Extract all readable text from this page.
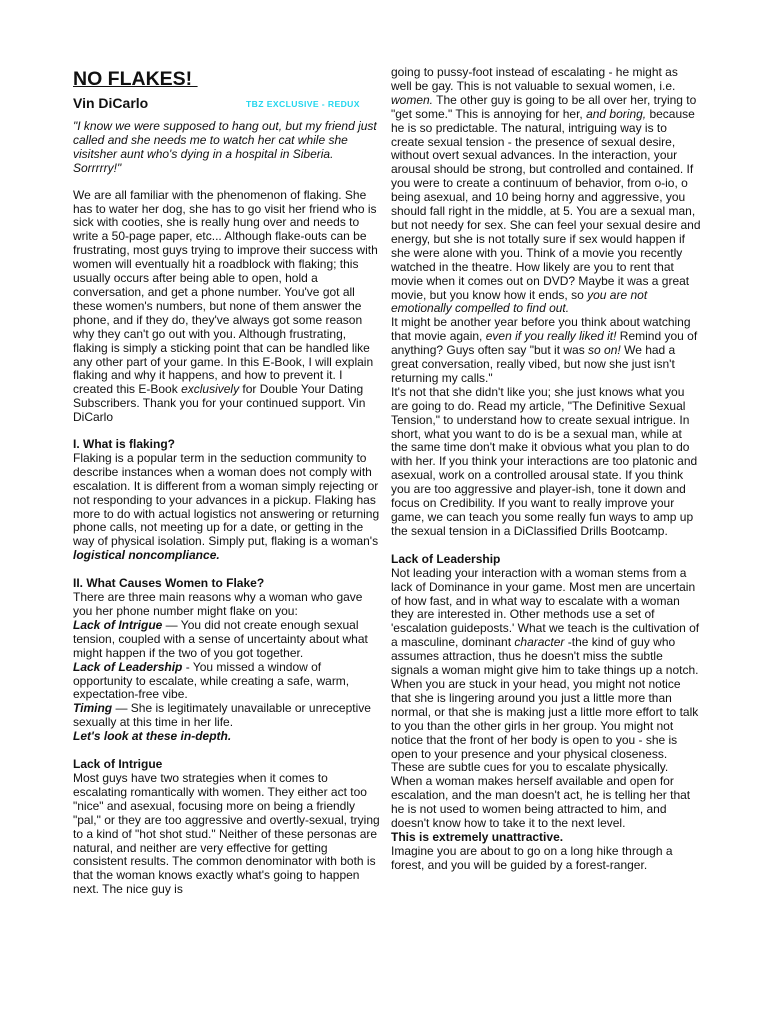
NO FLAKES!
Vin DiCarlo	TBZ EXCLUSIVE - REDUX

"I know we were supposed to hang out, but my friend just called and she needs me to watch her cat while she visitsher aunt who's dying in a hospital in Siberia. Sorrrrry!"

We are all familiar with the phenomenon of flaking. She has to water her dog, she has to go visit her friend who is sick with cooties, she is really hung over and needs to write a 50-page paper, etc... Although flake-outs can be frustrating, most guys trying to improve their success with women will eventually hit a roadblock with flaking; this usually occurs after being able to open, hold a conversation, and get a phone number. You've got all these women's numbers, but none of them answer the phone, and if they do, they've always got some reason why they can't go out with you. Although frustrating, flaking is simply a sticking point that can be handled like any other part of your game. In this E-Book, I will explain flaking and why it happens, and how to prevent it. I created this E-Book exclusively for Double Your Dating Subscribers. Thank you for your continued support. Vin DiCarlo

I. What is flaking?

Flaking is a popular term in the seduction community to describe instances when a woman does not comply with escalation. It is different from a woman simply rejecting or not responding to your advances in a pickup. Flaking has more to do with actual logistics not answering or returning phone calls, not meeting up for a date, or getting in the way of physical isolation. Simply put, flaking is a woman's logistical noncompliance.

II. What Causes Women to Flake?

There are three main reasons why a woman who gave you her phone number might flake on you:

Lack of Intrigue — You did not create enough sexual tension, coupled with a sense of uncertainty about what might happen if the two of you got together.

Lack of Leadership - You missed a window of opportunity to escalate, while creating a safe, warm, expectation-free vibe.

Timing — She is legitimately unavailable or unreceptive sexually at this time in her life.

Let's look at these in-depth.

Lack of Intrigue

Most guys have two strategies when it comes to escalating romantically with women. They either act too "nice" and asexual, focusing more on being a friendly "pal," or they are too aggressive and overtly-sexual, trying to a kind of "hot shot stud." Neither of these personas are natural, and neither are very effective for getting consistent results. The common denominator with both is that the woman knows exactly what's going to happen next. The nice guy is

going to pussy-foot instead of escalating - he might as well be gay. This is not valuable to sexual women, i.e. women. The other guy is going to be all over her, trying to "get some." This is annoying for her, and boring, because he is so predictable. The natural, intriguing way is to create sexual tension - the presence of sexual desire, without overt sexual advances. In the interaction, your arousal should be strong, but controlled and contained. If you were to create a continuum of behavior, from o-io, o being asexual, and 10 being horny and aggressive, you should fall right in the middle, at 5. You are a sexual man, but not needy for sex. She can feel your sexual desire and energy, but she is not totally sure if sex would happen if she were alone with you. Think of a movie you recently watched in the theatre. How likely are you to rent that movie when it comes out on DVD? Maybe it was a great movie, but you know how it ends, so you are not emotionally compelled to find out.

It might be another year before you think about watching that movie again, even if you really liked it! Remind you of anything? Guys often say "but it was so on! We had a great conversation, really vibed, but now she just isn't returning my calls."

It's not that she didn't like you; she just knows what you are going to do. Read my article, "The Definitive Sexual Tension," to understand how to create sexual intrigue. In short, what you want to do is be a sexual man, while at the same time don't make it obvious what you plan to do with her. If you think your interactions are too platonic and asexual, work on a controlled arousal state. If you think you are too aggressive and player-ish, tone it down and focus on Credibility. If you want to really improve your game, we can teach you some really fun ways to amp up the sexual tension in a DiClassified Drills Bootcamp.

Lack of Leadership

Not leading your interaction with a woman stems from a lack of Dominance in your game. Most men are uncertain of how fast, and in what way to escalate with a woman they are interested in. Other methods use a set of 'escalation guideposts.' What we teach is the cultivation of a masculine, dominant character -the kind of guy who assumes attraction, thus he doesn't miss the subtle signals a woman might give him to take things up a notch. When you are stuck in your head, you might not notice that she is lingering around you just a little more than normal, or that she is making just a little more effort to talk to you than the other girls in her group. You might not notice that the front of her body is open to you - she is open to your presence and your physical closeness. These are subtle cues for you to escalate physically. When a woman makes herself available and open for escalation, and the man doesn't act, he is telling her that he is not used to women being attracted to him, and doesn't know how to take it to the next level.

This is extremely unattractive.

Imagine you are about to go on a long hike through a forest, and you will be guided by a forest-ranger.
